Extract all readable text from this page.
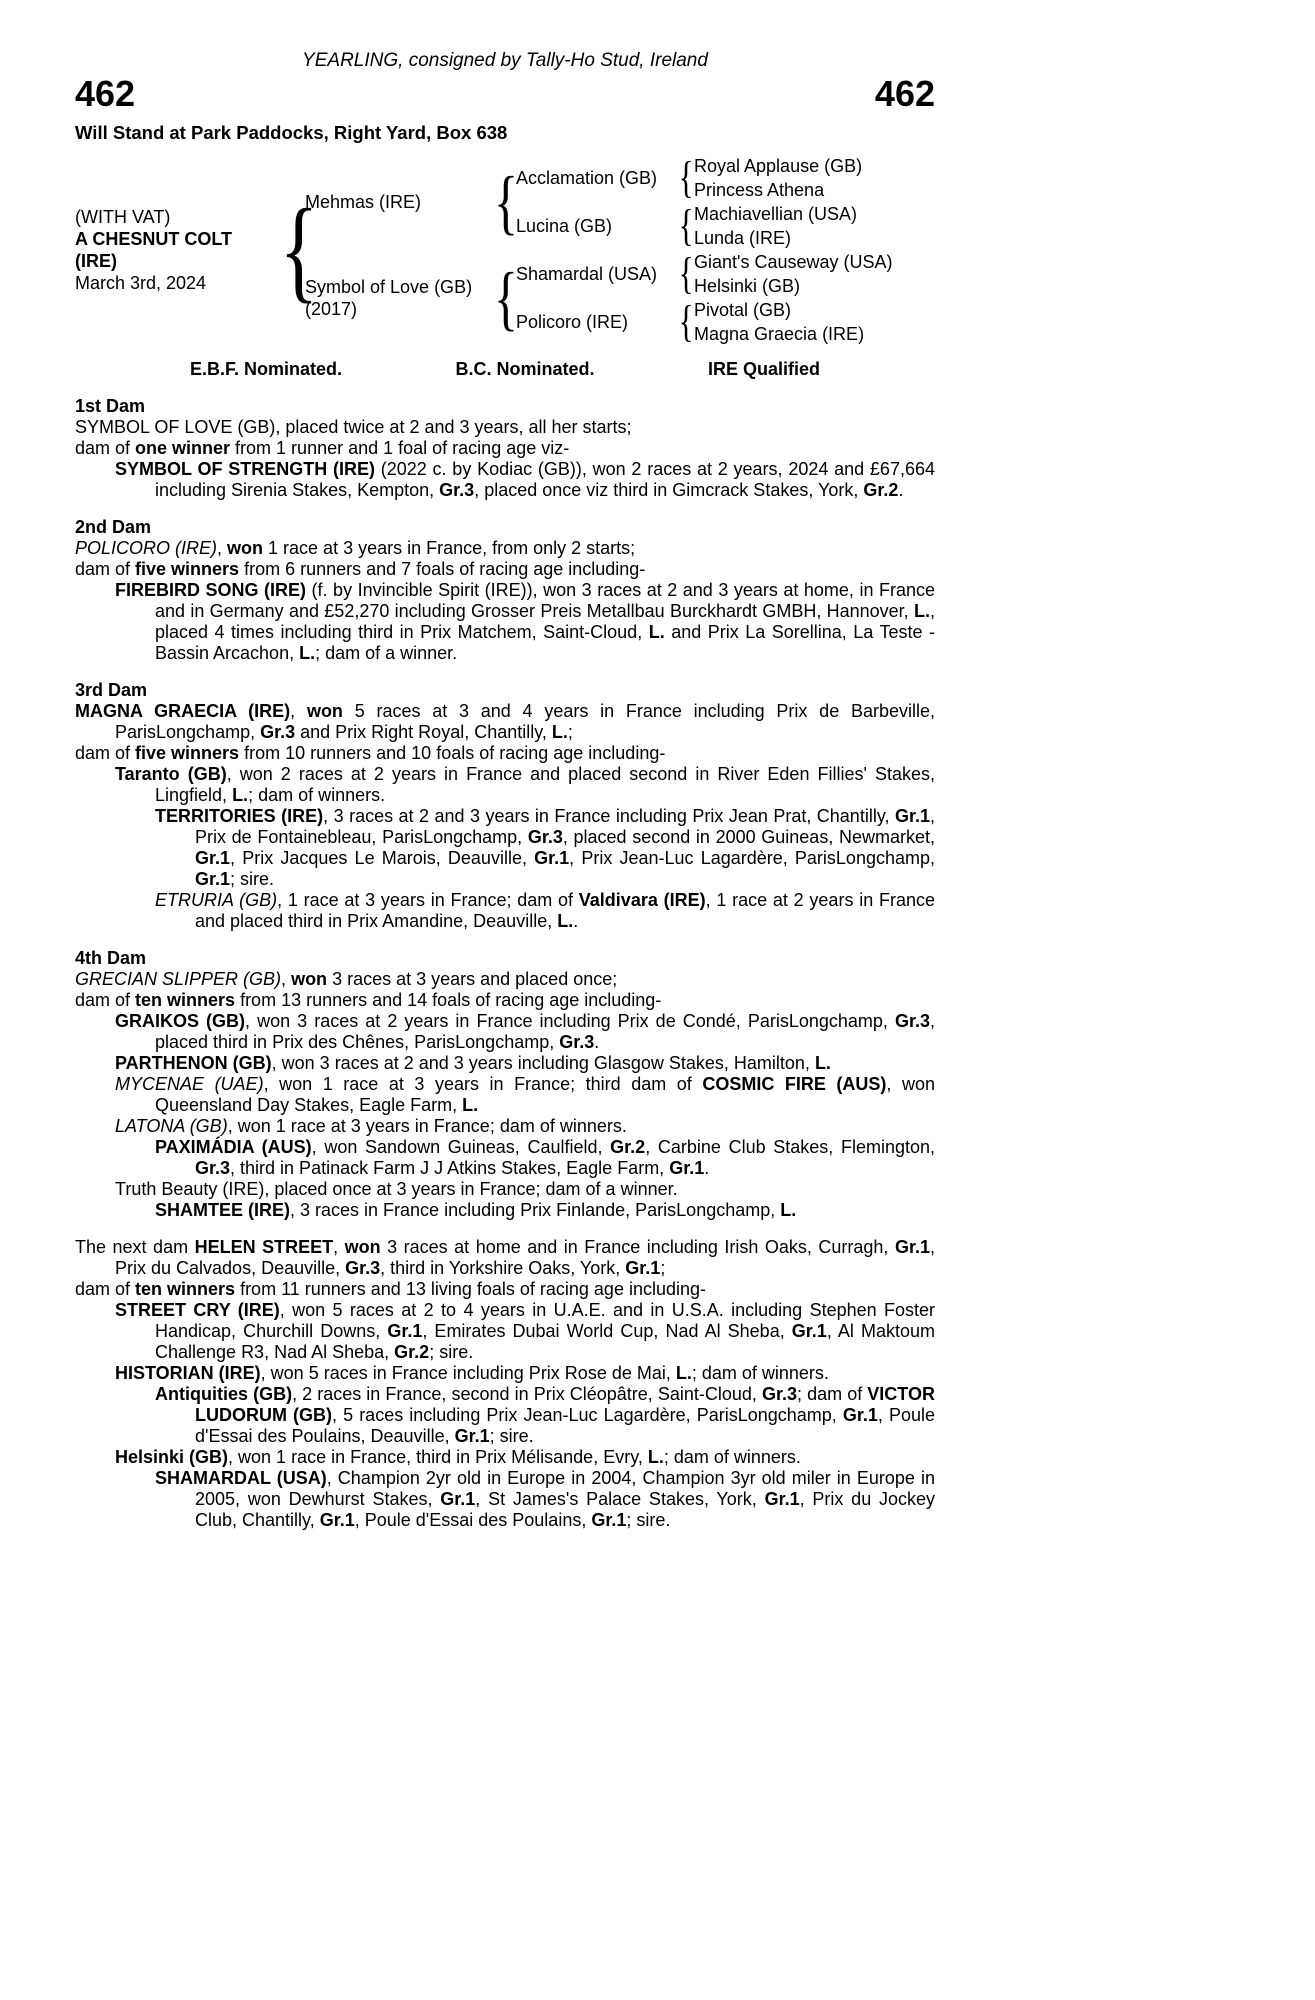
YEARLING, consigned by Tally-Ho Stud, Ireland
462	462
Will Stand at Park Paddocks, Right Yard, Box 638
(WITH VAT)
A CHESNUT COLT
(IRE)
March 3rd, 2024 {
Mehmas (IRE)	{
Acclamation (GB) { Royal Applause (GB)
Princess Athena
Lucina (GB)	{ Machiavellian (USA)
Lunda (IRE)
Symbol of Love (GB)
(2017)	{
Shamardal (USA) { Giant's Causeway (USA)
Helsinki (GB)
Policoro (IRE)	{ Pivotal (GB)
Magna Graecia (IRE)
E.B.F. Nominated.	B.C. Nominated.	IRE Qualified
1st Dam
SYMBOL OF LOVE (GB), placed twice at 2 and 3 years, all her starts;
dam of one winner from 1 runner and 1 foal of racing age viz-
SYMBOL OF STRENGTH (IRE) (2022 c. by Kodiac (GB)), won 2 races at 2 years, 2024 and £67,664 including Sirenia Stakes, Kempton, Gr.3, placed once viz third in Gimcrack Stakes, York, Gr.2.
2nd Dam
POLICORO (IRE), won 1 race at 3 years in France, from only 2 starts;
dam of five winners from 6 runners and 7 foals of racing age including-
FIREBIRD SONG (IRE) (f. by Invincible Spirit (IRE)), won 3 races at 2 and 3 years at home, in France and in Germany and £52,270 including Grosser Preis Metallbau Burckhardt GMBH, Hannover, L., placed 4 times including third in Prix Matchem, Saint-Cloud, L. and Prix La Sorellina, La Teste - Bassin Arcachon, L.; dam of a winner.
3rd Dam
MAGNA GRAECIA (IRE), won 5 races at 3 and 4 years in France including Prix de Barbeville, ParisLongchamp, Gr.3 and Prix Right Royal, Chantilly, L.;
dam of five winners from 10 runners and 10 foals of racing age including-
Taranto (GB), won 2 races at 2 years in France and placed second in River Eden Fillies' Stakes, Lingfield, L.; dam of winners.
TERRITORIES (IRE), 3 races at 2 and 3 years in France including Prix Jean Prat, Chantilly, Gr.1, Prix de Fontainebleau, ParisLongchamp, Gr.3, placed second in 2000 Guineas, Newmarket, Gr.1, Prix Jacques Le Marois, Deauville, Gr.1, Prix Jean-Luc Lagardère, ParisLongchamp, Gr.1; sire.
ETRURIA (GB), 1 race at 3 years in France; dam of Valdivara (IRE), 1 race at 2 years in France and placed third in Prix Amandine, Deauville, L..
4th Dam
GRECIAN SLIPPER (GB), won 3 races at 3 years and placed once;
dam of ten winners from 13 runners and 14 foals of racing age including-
GRAIKOS (GB), won 3 races at 2 years in France including Prix de Condé, ParisLongchamp, Gr.3, placed third in Prix des Chênes, ParisLongchamp, Gr.3.
PARTHENON (GB), won 3 races at 2 and 3 years including Glasgow Stakes, Hamilton, L.
MYCENAE (UAE), won 1 race at 3 years in France; third dam of COSMIC FIRE (AUS), won Queensland Day Stakes, Eagle Farm, L.
LATONA (GB), won 1 race at 3 years in France; dam of winners.
PAXIMÁDIA (AUS), won Sandown Guineas, Caulfield, Gr.2, Carbine Club Stakes, Flemington, Gr.3, third in Patinack Farm J J Atkins Stakes, Eagle Farm, Gr.1.
Truth Beauty (IRE), placed once at 3 years in France; dam of a winner.
SHAMTEE (IRE), 3 races in France including Prix Finlande, ParisLongchamp, L.
The next dam HELEN STREET, won 3 races at home and in France including Irish Oaks, Curragh, Gr.1, Prix du Calvados, Deauville, Gr.3, third in Yorkshire Oaks, York, Gr.1;
dam of ten winners from 11 runners and 13 living foals of racing age including-
STREET CRY (IRE), won 5 races at 2 to 4 years in U.A.E. and in U.S.A. including Stephen Foster Handicap, Churchill Downs, Gr.1, Emirates Dubai World Cup, Nad Al Sheba, Gr.1, Al Maktoum Challenge R3, Nad Al Sheba, Gr.2; sire.
HISTORIAN (IRE), won 5 races in France including Prix Rose de Mai, L.; dam of winners.
Antiquities (GB), 2 races in France, second in Prix Cléopâtre, Saint-Cloud, Gr.3; dam of VICTOR LUDORUM (GB), 5 races including Prix Jean-Luc Lagardère, ParisLongchamp, Gr.1, Poule d'Essai des Poulains, Deauville, Gr.1; sire.
Helsinki (GB), won 1 race in France, third in Prix Mélisande, Evry, L.; dam of winners.
SHAMARDAL (USA), Champion 2yr old in Europe in 2004, Champion 3yr old miler in Europe in 2005, won Dewhurst Stakes, Gr.1, St James's Palace Stakes, York, Gr.1, Prix du Jockey Club, Chantilly, Gr.1, Poule d'Essai des Poulains, Gr.1; sire.
